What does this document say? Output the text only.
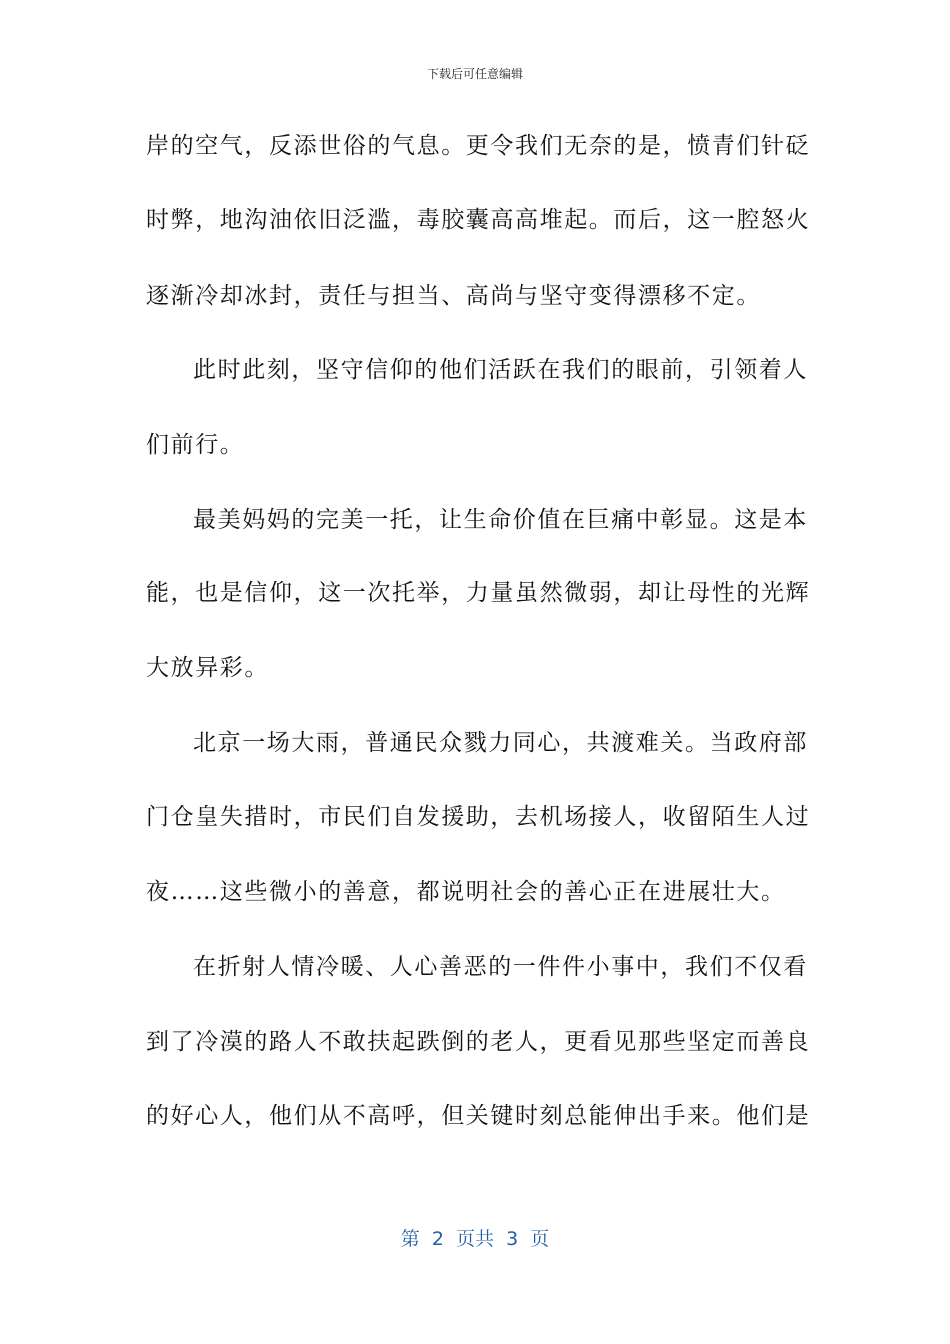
下载后可任意编辑
岸的空气，反添世俗的气息。更令我们无奈的是，愤青们针砭
时弊，地沟油依旧泛滥，毒胶囊高高堆起。而后，这一腔怒火
逐渐冷却冰封，责任与担当、高尚与坚守变得漂移不定。
此时此刻，坚守信仰的他们活跃在我们的眼前，引领着人
们前行。
最美妈妈的完美一托，让生命价值在巨痛中彰显。这是本
能，也是信仰，这一次托举，力量虽然微弱，却让母性的光辉
大放异彩。
北京一场大雨，普通民众戮力同心，共渡难关。当政府部
门仓皇失措时，市民们自发援助，去机场接人，收留陌生人过
夜……这些微小的善意，都说明社会的善心正在进展壮大。
在折射人情冷暖、人心善恶的一件件小事中，我们不仅看
到了冷漠的路人不敢扶起跌倒的老人，更看见那些坚定而善良
的好心人，他们从不高呼，但关键时刻总能伸出手来。他们是
第  2  页共  3  页
